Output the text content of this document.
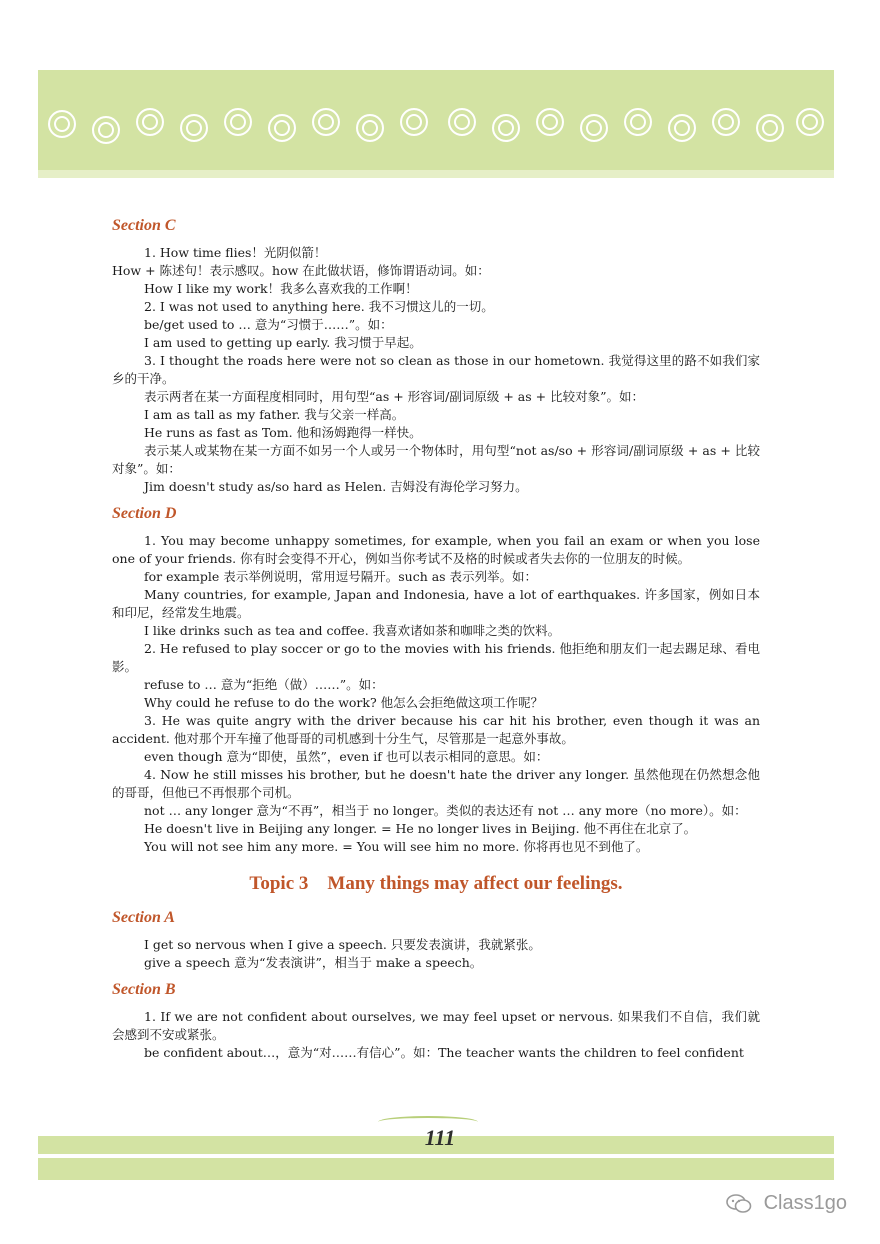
Section C

1. How time flies！光阴似箭！

How + 陈述句！表示感叹。how 在此做状语，修饰谓语动词。如：

How I like my work！我多么喜欢我的工作啊！

2. I was not used to anything here. 我不习惯这儿的一切。

be/get used to … 意为“习惯于……”。如：

I am used to getting up early. 我习惯于早起。

3. I thought the roads here were not so clean as those in our hometown. 我觉得这里的路不如我们家乡的干净。

表示两者在某一方面程度相同时，用句型“as + 形容词/副词原级 + as + 比较对象”。如：

I am as tall as my father. 我与父亲一样高。

He runs as fast as Tom. 他和汤姆跑得一样快。

表示某人或某物在某一方面不如另一个人或另一个物体时，用句型“not as/so + 形容词/副词原级 + as + 比较对象”。如：

Jim doesn't study as/so hard as Helen. 吉姆没有海伦学习努力。

Section D

1. You may become unhappy sometimes, for example, when you fail an exam or when you lose one of your friends. 你有时会变得不开心，例如当你考试不及格的时候或者失去你的一位朋友的时候。

for example 表示举例说明，常用逗号隔开。such as 表示列举。如：

Many countries, for example, Japan and Indonesia, have a lot of earthquakes. 许多国家，例如日本和印尼，经常发生地震。

I like drinks such as tea and coffee. 我喜欢诸如茶和咖啡之类的饮料。

2. He refused to play soccer or go to the movies with his friends. 他拒绝和朋友们一起去踢足球、看电影。

refuse to … 意为“拒绝（做）……”。如：

Why could he refuse to do the work? 他怎么会拒绝做这项工作呢？

3. He was quite angry with the driver because his car hit his brother, even though it was an accident. 他对那个开车撞了他哥哥的司机感到十分生气，尽管那是一起意外事故。

even though 意为“即使，虽然”，even if 也可以表示相同的意思。如：

4. Now he still misses his brother, but he doesn't hate the driver any longer. 虽然他现在仍然想念他的哥哥，但他已不再恨那个司机。

not … any longer 意为“不再”，相当于 no longer。类似的表达还有 not … any more（no more）。如：

He doesn't live in Beijing any longer. = He no longer lives in Beijing. 他不再住在北京了。

You will not see him any more. = You will see him no more. 你将再也见不到他了。

Topic 3　Many things may affect our feelings.
Section A

I get so nervous when I give a speech. 只要发表演讲，我就紧张。

give a speech 意为“发表演讲”，相当于 make a speech。

Section B

1. If we are not confident about ourselves, we may feel upset or nervous. 如果我们不自信，我们就会感到不安或紧张。

be confident about…，意为“对……有信心”。如：The teacher wants the children to feel confident

111
Class1go
